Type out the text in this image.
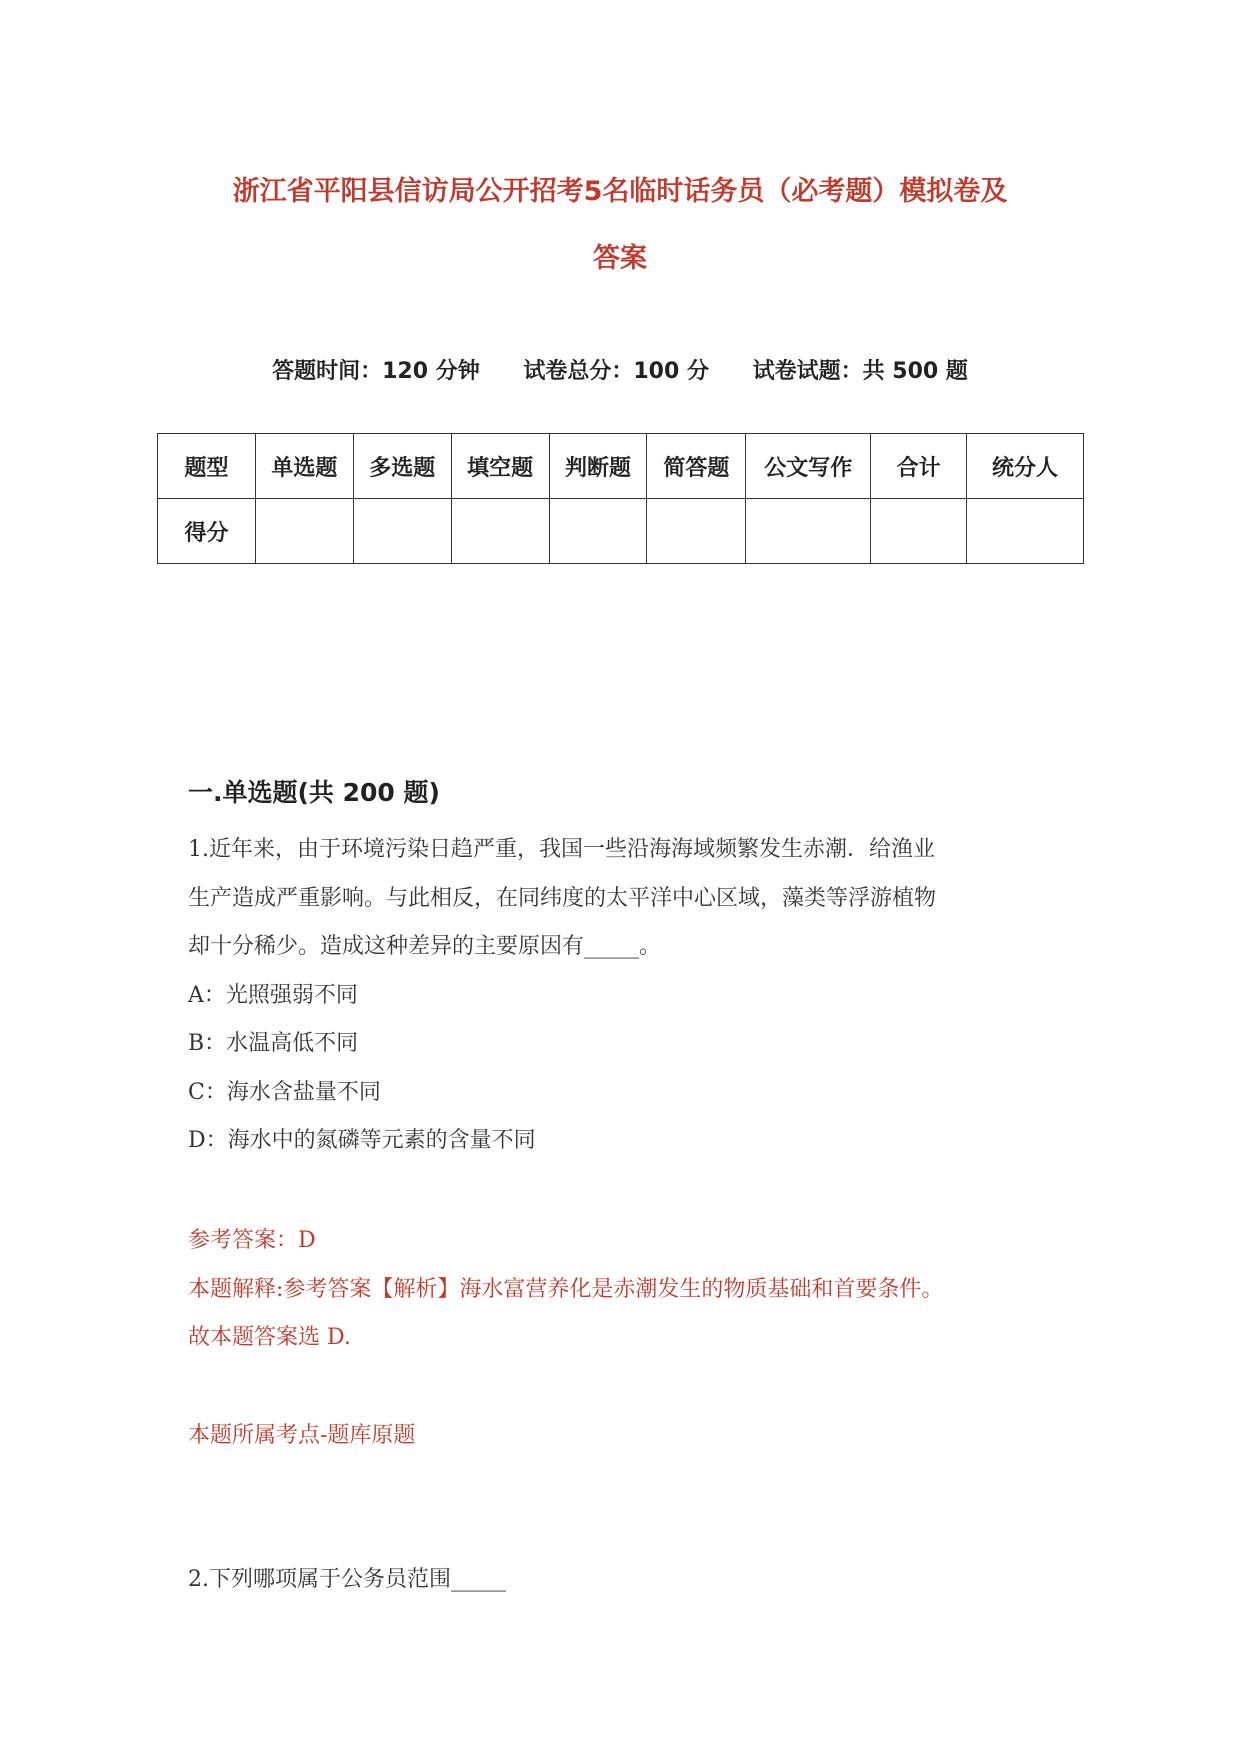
浙江省平阳县信访局公开招考5名临时话务员（必考题）模拟卷及
答案
答题时间：120 分钟 试卷总分：100 分 试卷试题：共 500 题
题型	单选题	多选题	填空题	判断题	简答题	公文写作	合计	统分人
得分								
一.单选题(共 200 题)

1.近年来，由于环境污染日趋严重，我国一些沿海海域频繁发生赤潮．给渔业

生产造成严重影响。与此相反，在同纬度的太平洋中心区域，藻类等浮游植物

却十分稀少。造成这种差异的主要原因有_____。

A：光照强弱不同

B：水温高低不同

C：海水含盐量不同

D：海水中的氮磷等元素的含量不同

参考答案：D

本题解释:参考答案【解析】海水富营养化是赤潮发生的物质基础和首要条件。

故本题答案选 D.

本题所属考点-题库原题
2.下列哪项属于公务员范围_____
